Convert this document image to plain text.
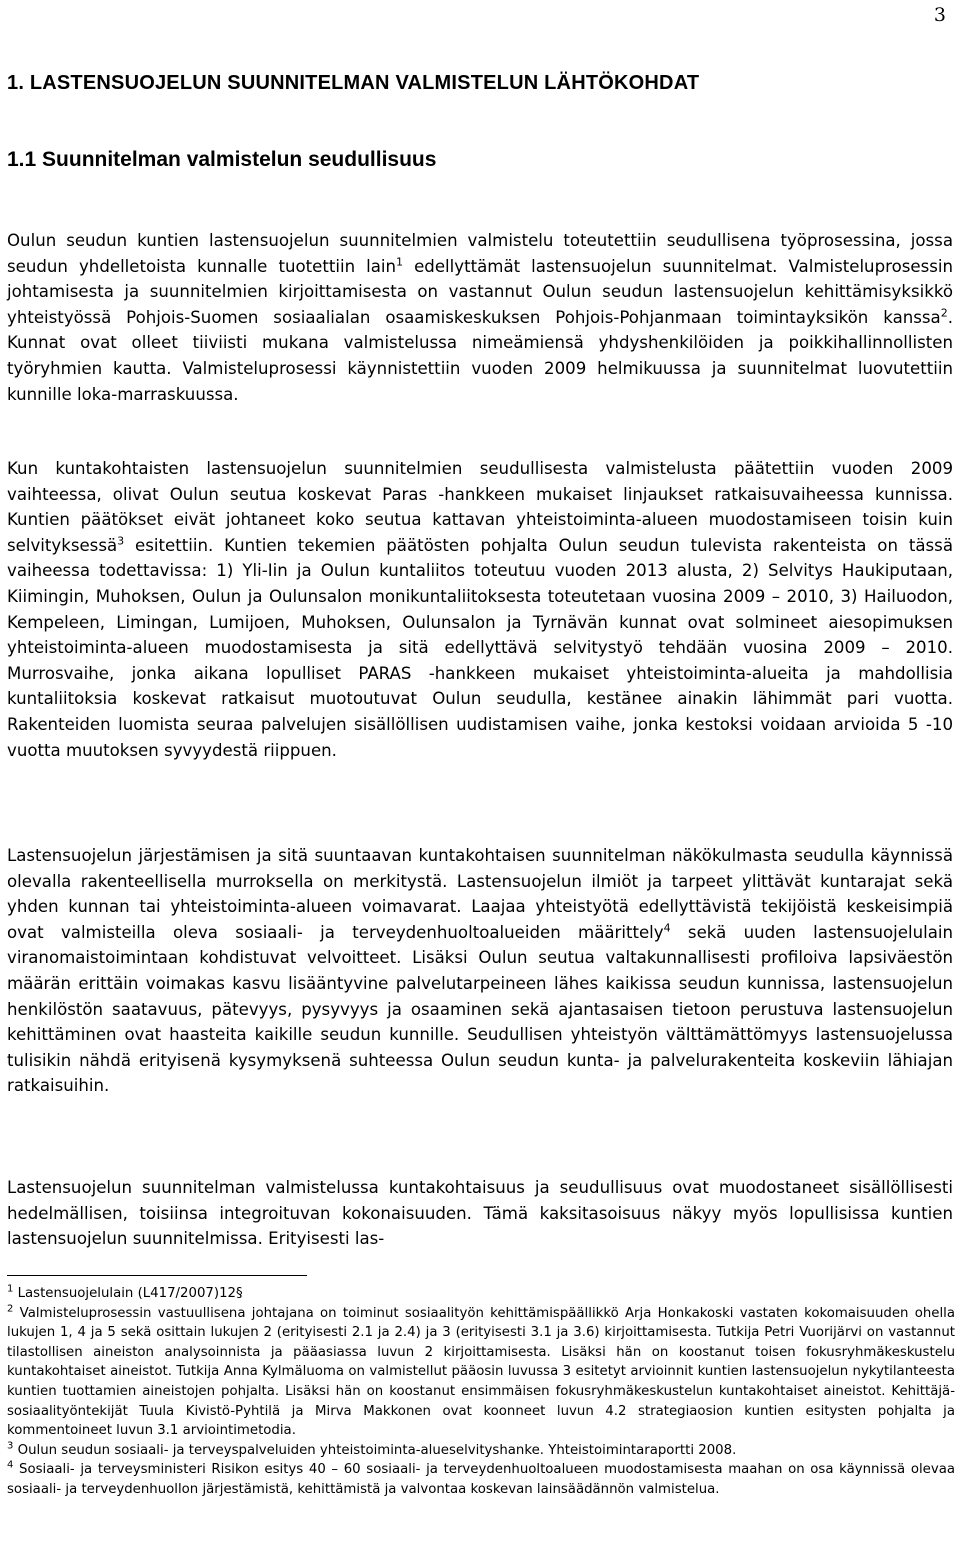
3
1. LASTENSUOJELUN SUUNNITELMAN VALMISTELUN LÄHTÖKOHDAT
1.1 Suunnitelman valmistelun seudullisuus

Oulun seudun kuntien lastensuojelun suunnitelmien valmistelu toteutettiin seudullisena työprosessina, jossa seudun yhdelletoista kunnalle tuotettiin lain$^1$ edellyttämät lastensuojelun suunnitelmat. Valmisteluprosessin johtamisesta ja suunnitelmien kirjoittamisesta on vastannut Oulun seudun lastensuojelun kehittämisyksikkö yhteistyössä Pohjois-Suomen sosiaalialan osaamiskeskuksen Pohjois-Pohjanmaan toimintayksikön kanssa$^2$. Kunnat ovat olleet tiiviisti mukana valmistelussa nimeämiensä yhdyshenkilöiden ja poikkihallinnollisten työryhmien kautta. Valmisteluprosessi käynnistettiin vuoden 2009 helmikuussa ja suunnitelmat luovutettiin kunnille loka-marraskuussa.

Kun kuntakohtaisten lastensuojelun suunnitelmien seudullisesta valmistelusta päätettiin vuoden 2009 vaihteessa, olivat Oulun seutua koskevat Paras -hankkeen mukaiset linjaukset ratkaisuvaiheessa kunnissa. Kuntien päätökset eivät johtaneet koko seutua kattavan yhteistoiminta-alueen muodostamiseen toisin kuin selvityksessä$^3$ esitettiin. Kuntien tekemien päätösten pohjalta Oulun seudun tulevista rakenteista on tässä vaiheessa todettavissa: 1) Yli-Iin ja Oulun kuntaliitos toteutuu vuoden 2013 alusta, 2) Selvitys Haukiputaan, Kiimingin, Muhoksen, Oulun ja Oulunsalon monikuntaliitoksesta toteutetaan vuosina 2009 – 2010, 3) Hailuodon, Kempeleen, Limingan, Lumijoen, Muhoksen, Oulunsalon ja Tyrnävän kunnat ovat solmineet aiesopimuksen yhteistoiminta-alueen muodostamisesta ja sitä edellyttävä selvitystyö tehdään vuosina 2009 – 2010. Murrosvaihe, jonka aikana lopulliset PARAS -hankkeen mukaiset yhteistoiminta-alueita ja mahdollisia kuntaliitoksia koskevat ratkaisut muotoutuvat Oulun seudulla, kestänee ainakin lähimmät pari vuotta. Rakenteiden luomista seuraa palvelujen sisällöllisen uudistamisen vaihe, jonka kestoksi voidaan arvioida 5 -10 vuotta muutoksen syvyydestä riippuen.

Lastensuojelun järjestämisen ja sitä suuntaavan kuntakohtaisen suunnitelman näkökulmasta seudulla käynnissä olevalla rakenteellisella murroksella on merkitystä. Lastensuojelun ilmiöt ja tarpeet ylittävät kuntarajat sekä yhden kunnan tai yhteistoiminta-alueen voimavarat. Laajaa yhteistyötä edellyttävistä tekijöistä keskeisimpiä ovat valmisteilla oleva sosiaali- ja terveydenhuoltoalueiden määrittely$^4$ sekä uuden lastensuojelulain viranomaistoimintaan kohdistuvat velvoitteet. Lisäksi Oulun seutua valtakunnallisesti profiloiva lapsiväestön määrän erittäin voimakas kasvu lisääntyvine palvelutarpeineen lähes kaikissa seudun kunnissa, lastensuojelun henkilöstön saatavuus, pätevyys, pysyvyys ja osaaminen sekä ajantasaisen tietoon perustuva lastensuojelun kehittäminen ovat haasteita kaikille seudun kunnille. Seudullisen yhteistyön välttämättömyys lastensuojelussa tulisikin nähdä erityisenä kysymyksenä suhteessa Oulun seudun kunta- ja palvelurakenteita koskeviin lähiajan ratkaisuihin.

Lastensuojelun suunnitelman valmistelussa kuntakohtaisuus ja seudullisuus ovat muodostaneet sisällöllisesti hedelmällisen, toisiinsa integroituvan kokonaisuuden. Tämä kaksitasoisuus näkyy myös lopullisissa kuntien lastensuojelun suunnitelmissa. Erityisesti las-

$^1$ Lastensuojelulain (L417/2007)12§

$^2$ Valmisteluprosessin vastuullisena johtajana on toiminut sosiaalityön kehittämispäällikkö Arja Honkakoski vastaten kokomaisuuden ohella lukujen 1, 4 ja 5 sekä osittain lukujen 2 (erityisesti 2.1 ja 2.4) ja 3 (erityisesti 3.1 ja 3.6) kirjoittamisesta. Tutkija Petri Vuorijärvi on vastannut tilastollisen aineiston analysoinnista ja pääasiassa luvun 2 kirjoittamisesta. Lisäksi hän on koostanut toisen fokusryhmäkeskustelu kuntakohtaiset aineistot. Tutkija Anna Kylmäluoma on valmistellut pääosin luvussa 3 esitetyt arvioinnit kuntien lastensuojelun nykytilanteesta kuntien tuottamien aineistojen pohjalta. Lisäksi hän on koostanut ensimmäisen fokusryhmäkeskustelun kuntakohtaiset aineistot. Kehittäjä-sosiaalityöntekijät Tuula Kivistö-Pyhtilä ja Mirva Makkonen ovat koonneet luvun 4.2 strategiaosion kuntien esitysten pohjalta ja kommentoineet luvun 3.1 arviointimetodia.

$^3$ Oulun seudun sosiaali- ja terveyspalveluiden yhteistoiminta-alueselvityshanke. Yhteistoimintaraportti 2008.

$^4$ Sosiaali- ja terveysministeri Risikon esitys 40 – 60 sosiaali- ja terveydenhuoltoalueen muodostamisesta maahan on osa käynnissä olevaa sosiaali- ja terveydenhuollon järjestämistä, kehittämistä ja valvontaa koskevan lainsäädännön valmistelua.
